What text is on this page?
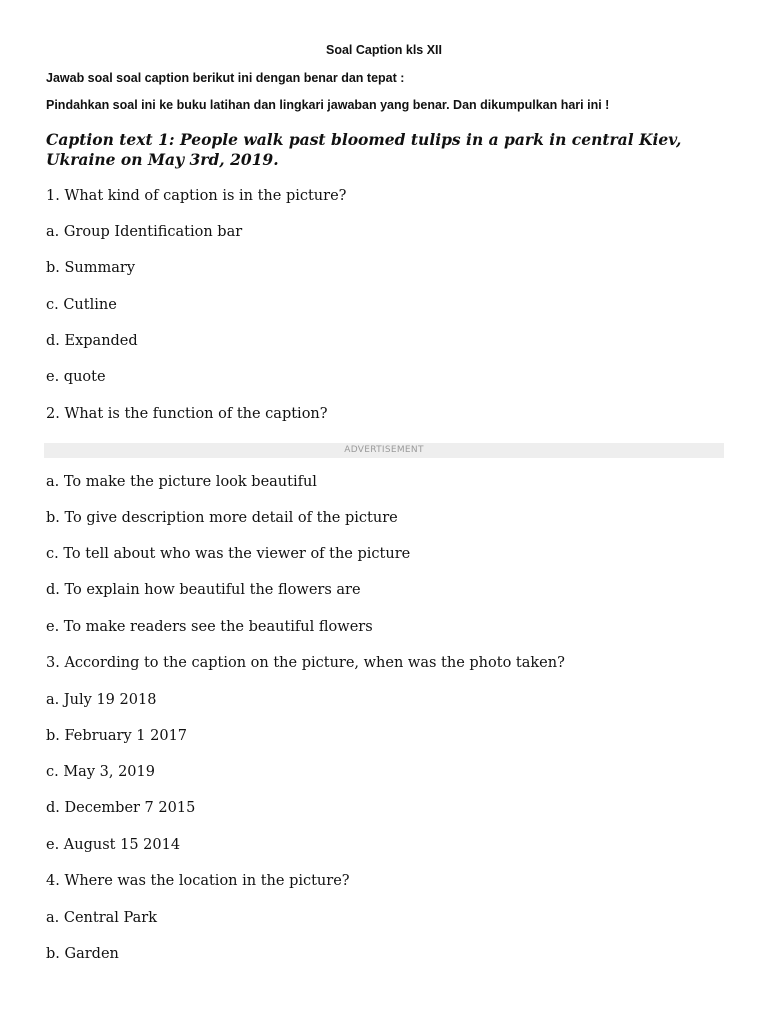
Soal Caption kls XII
Jawab soal soal caption berikut ini dengan benar dan tepat :
Pindahkan soal ini ke buku latihan dan lingkari jawaban yang benar. Dan dikumpulkan hari ini !
Caption text 1: People walk past bloomed tulips in a park in central Kiev, Ukraine on May 3rd, 2019.
1. What kind of caption is in the picture?
a. Group Identification bar
b. Summary
c. Cutline
d. Expanded
e. quote
2. What is the function of the caption?
ADVERTISEMENT
a. To make the picture look beautiful
b. To give description more detail of the picture
c. To tell about who was the viewer of the picture
d. To explain how beautiful the flowers are
e. To make readers see the beautiful flowers
3. According to the caption on the picture, when was the photo taken?
a. July 19 2018
b. February 1 2017
c. May 3, 2019
d. December 7 2015
e. August 15 2014
4. Where was the location in the picture?
a. Central Park
b. Garden
